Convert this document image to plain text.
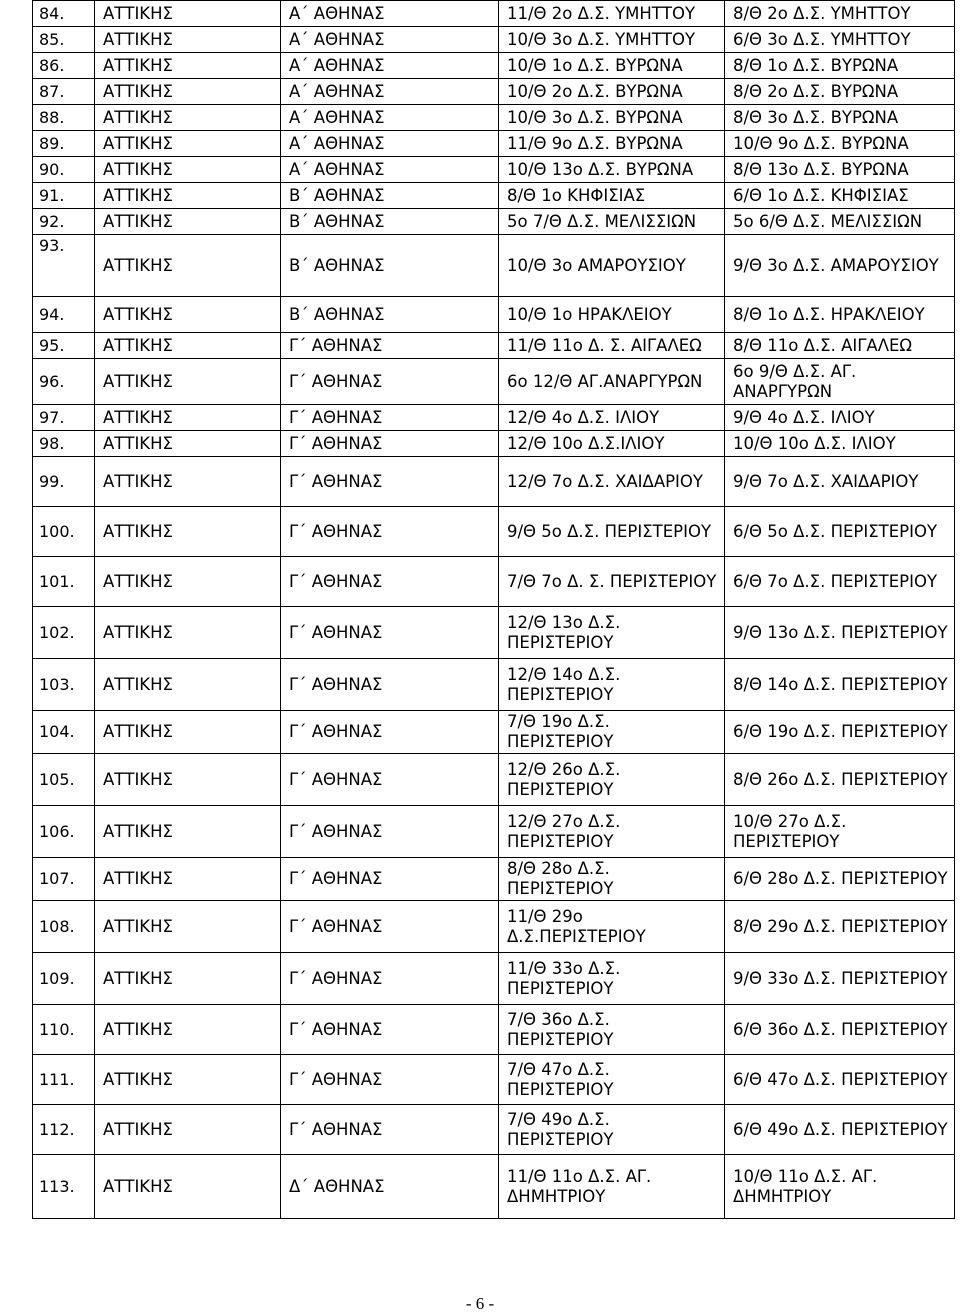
84.	ΑΤΤΙΚΗΣ	Α΄ ΑΘΗΝΑΣ	11/Θ 2ο Δ.Σ. ΥΜΗΤΤΟΥ	8/Θ 2ο Δ.Σ. ΥΜΗΤΤΟΥ
85.	ΑΤΤΙΚΗΣ	Α΄ ΑΘΗΝΑΣ	10/Θ 3ο Δ.Σ. ΥΜΗΤΤΟΥ	6/Θ 3ο Δ.Σ. ΥΜΗΤΤΟΥ
86.	ΑΤΤΙΚΗΣ	Α΄ ΑΘΗΝΑΣ	10/Θ 1ο Δ.Σ. ΒΥΡΩΝΑ	8/Θ 1ο Δ.Σ. ΒΥΡΩΝΑ
87.	ΑΤΤΙΚΗΣ	Α΄ ΑΘΗΝΑΣ	10/Θ 2ο Δ.Σ. ΒΥΡΩΝΑ	8/Θ 2ο Δ.Σ. ΒΥΡΩΝΑ
88.	ΑΤΤΙΚΗΣ	Α΄ ΑΘΗΝΑΣ	10/Θ 3ο Δ.Σ. ΒΥΡΩΝΑ	8/Θ 3ο Δ.Σ. ΒΥΡΩΝΑ
89.	ΑΤΤΙΚΗΣ	Α΄ ΑΘΗΝΑΣ	11/Θ 9ο Δ.Σ. ΒΥΡΩΝΑ	10/Θ 9ο Δ.Σ. ΒΥΡΩΝΑ
90.	ΑΤΤΙΚΗΣ	Α΄ ΑΘΗΝΑΣ	10/Θ 13ο Δ.Σ. ΒΥΡΩΝΑ	8/Θ 13ο Δ.Σ. ΒΥΡΩΝΑ
91.	ΑΤΤΙΚΗΣ	Β΄ ΑΘΗΝΑΣ	8/Θ 1ο ΚΗΦΙΣΙΑΣ	6/Θ 1ο Δ.Σ. ΚΗΦΙΣΙΑΣ
92.	ΑΤΤΙΚΗΣ	Β΄ ΑΘΗΝΑΣ	5ο 7/Θ Δ.Σ. ΜΕΛΙΣΣΙΩΝ	5ο 6/Θ Δ.Σ. ΜΕΛΙΣΣΙΩΝ
93.	ΑΤΤΙΚΗΣ	Β΄ ΑΘΗΝΑΣ	10/Θ 3ο ΑΜΑΡΟΥΣΙΟΥ	9/Θ 3ο Δ.Σ. ΑΜΑΡΟΥΣΙΟΥ
94.	ΑΤΤΙΚΗΣ	Β΄ ΑΘΗΝΑΣ	10/Θ 1ο ΗΡΑΚΛΕΙΟΥ	8/Θ 1ο Δ.Σ. ΗΡΑΚΛΕΙΟΥ
95.	ΑΤΤΙΚΗΣ	Γ΄ ΑΘΗΝΑΣ	11/Θ 11ο Δ. Σ. ΑΙΓΑΛΕΩ	8/Θ 11ο Δ.Σ. ΑΙΓΑΛΕΩ
96.	ΑΤΤΙΚΗΣ	Γ΄ ΑΘΗΝΑΣ	6ο 12/Θ ΑΓ.ΑΝΑΡΓΥΡΩΝ	6ο 9/Θ Δ.Σ. ΑΓ. ΑΝΑΡΓΥΡΩΝ
97.	ΑΤΤΙΚΗΣ	Γ΄ ΑΘΗΝΑΣ	12/Θ 4ο Δ.Σ. ΙΛΙΟΥ	9/Θ 4ο Δ.Σ. ΙΛΙΟΥ
98.	ΑΤΤΙΚΗΣ	Γ΄ ΑΘΗΝΑΣ	12/Θ 10ο Δ.Σ.ΙΛΙΟΥ	10/Θ 10ο Δ.Σ. ΙΛΙΟΥ
99.	ΑΤΤΙΚΗΣ	Γ΄ ΑΘΗΝΑΣ	12/Θ 7ο Δ.Σ. ΧΑΙΔΑΡΙΟΥ	9/Θ 7ο Δ.Σ. ΧΑΙΔΑΡΙΟΥ
100.	ΑΤΤΙΚΗΣ	Γ΄ ΑΘΗΝΑΣ	9/Θ 5ο Δ.Σ. ΠΕΡΙΣΤΕΡΙΟΥ	6/Θ 5ο Δ.Σ. ΠΕΡΙΣΤΕΡΙΟΥ
101.	ΑΤΤΙΚΗΣ	Γ΄ ΑΘΗΝΑΣ	7/Θ 7ο Δ. Σ. ΠΕΡΙΣΤΕΡΙΟΥ	6/Θ 7ο Δ.Σ. ΠΕΡΙΣΤΕΡΙΟΥ
102.	ΑΤΤΙΚΗΣ	Γ΄ ΑΘΗΝΑΣ	12/Θ 13ο Δ.Σ. ΠΕΡΙΣΤΕΡΙΟΥ	9/Θ 13ο Δ.Σ. ΠΕΡΙΣΤΕΡΙΟΥ
103.	ΑΤΤΙΚΗΣ	Γ΄ ΑΘΗΝΑΣ	12/Θ 14ο Δ.Σ. ΠΕΡΙΣΤΕΡΙΟΥ	8/Θ 14ο Δ.Σ. ΠΕΡΙΣΤΕΡΙΟΥ
104.	ΑΤΤΙΚΗΣ	Γ΄ ΑΘΗΝΑΣ	7/Θ 19ο Δ.Σ. ΠΕΡΙΣΤΕΡΙΟΥ	6/Θ 19ο Δ.Σ. ΠΕΡΙΣΤΕΡΙΟΥ
105.	ΑΤΤΙΚΗΣ	Γ΄ ΑΘΗΝΑΣ	12/Θ 26ο Δ.Σ. ΠΕΡΙΣΤΕΡΙΟΥ	8/Θ 26ο Δ.Σ. ΠΕΡΙΣΤΕΡΙΟΥ
106.	ΑΤΤΙΚΗΣ	Γ΄ ΑΘΗΝΑΣ	12/Θ 27ο Δ.Σ. ΠΕΡΙΣΤΕΡΙΟΥ	10/Θ 27ο Δ.Σ. ΠΕΡΙΣΤΕΡΙΟΥ
107.	ΑΤΤΙΚΗΣ	Γ΄ ΑΘΗΝΑΣ	8/Θ 28ο Δ.Σ. ΠΕΡΙΣΤΕΡΙΟΥ	6/Θ 28ο Δ.Σ. ΠΕΡΙΣΤΕΡΙΟΥ
108.	ΑΤΤΙΚΗΣ	Γ΄ ΑΘΗΝΑΣ	11/Θ 29ο Δ.Σ.ΠΕΡΙΣΤΕΡΙΟΥ	8/Θ 29ο Δ.Σ. ΠΕΡΙΣΤΕΡΙΟΥ
109.	ΑΤΤΙΚΗΣ	Γ΄ ΑΘΗΝΑΣ	11/Θ 33ο Δ.Σ. ΠΕΡΙΣΤΕΡΙΟΥ	9/Θ 33ο Δ.Σ. ΠΕΡΙΣΤΕΡΙΟΥ
110.	ΑΤΤΙΚΗΣ	Γ΄ ΑΘΗΝΑΣ	7/Θ 36ο Δ.Σ. ΠΕΡΙΣΤΕΡΙΟΥ	6/Θ 36ο Δ.Σ. ΠΕΡΙΣΤΕΡΙΟΥ
111.	ΑΤΤΙΚΗΣ	Γ΄ ΑΘΗΝΑΣ	7/Θ 47ο Δ.Σ. ΠΕΡΙΣΤΕΡΙΟΥ	6/Θ 47ο Δ.Σ. ΠΕΡΙΣΤΕΡΙΟΥ
112.	ΑΤΤΙΚΗΣ	Γ΄ ΑΘΗΝΑΣ	7/Θ 49ο Δ.Σ. ΠΕΡΙΣΤΕΡΙΟΥ	6/Θ 49ο Δ.Σ. ΠΕΡΙΣΤΕΡΙΟΥ
113.	ΑΤΤΙΚΗΣ	Δ΄ ΑΘΗΝΑΣ	11/Θ 11ο Δ.Σ. ΑΓ. ΔΗΜΗΤΡΙΟΥ	10/Θ 11ο Δ.Σ. ΑΓ. ΔΗΜΗΤΡΙΟΥ
- 6 -
